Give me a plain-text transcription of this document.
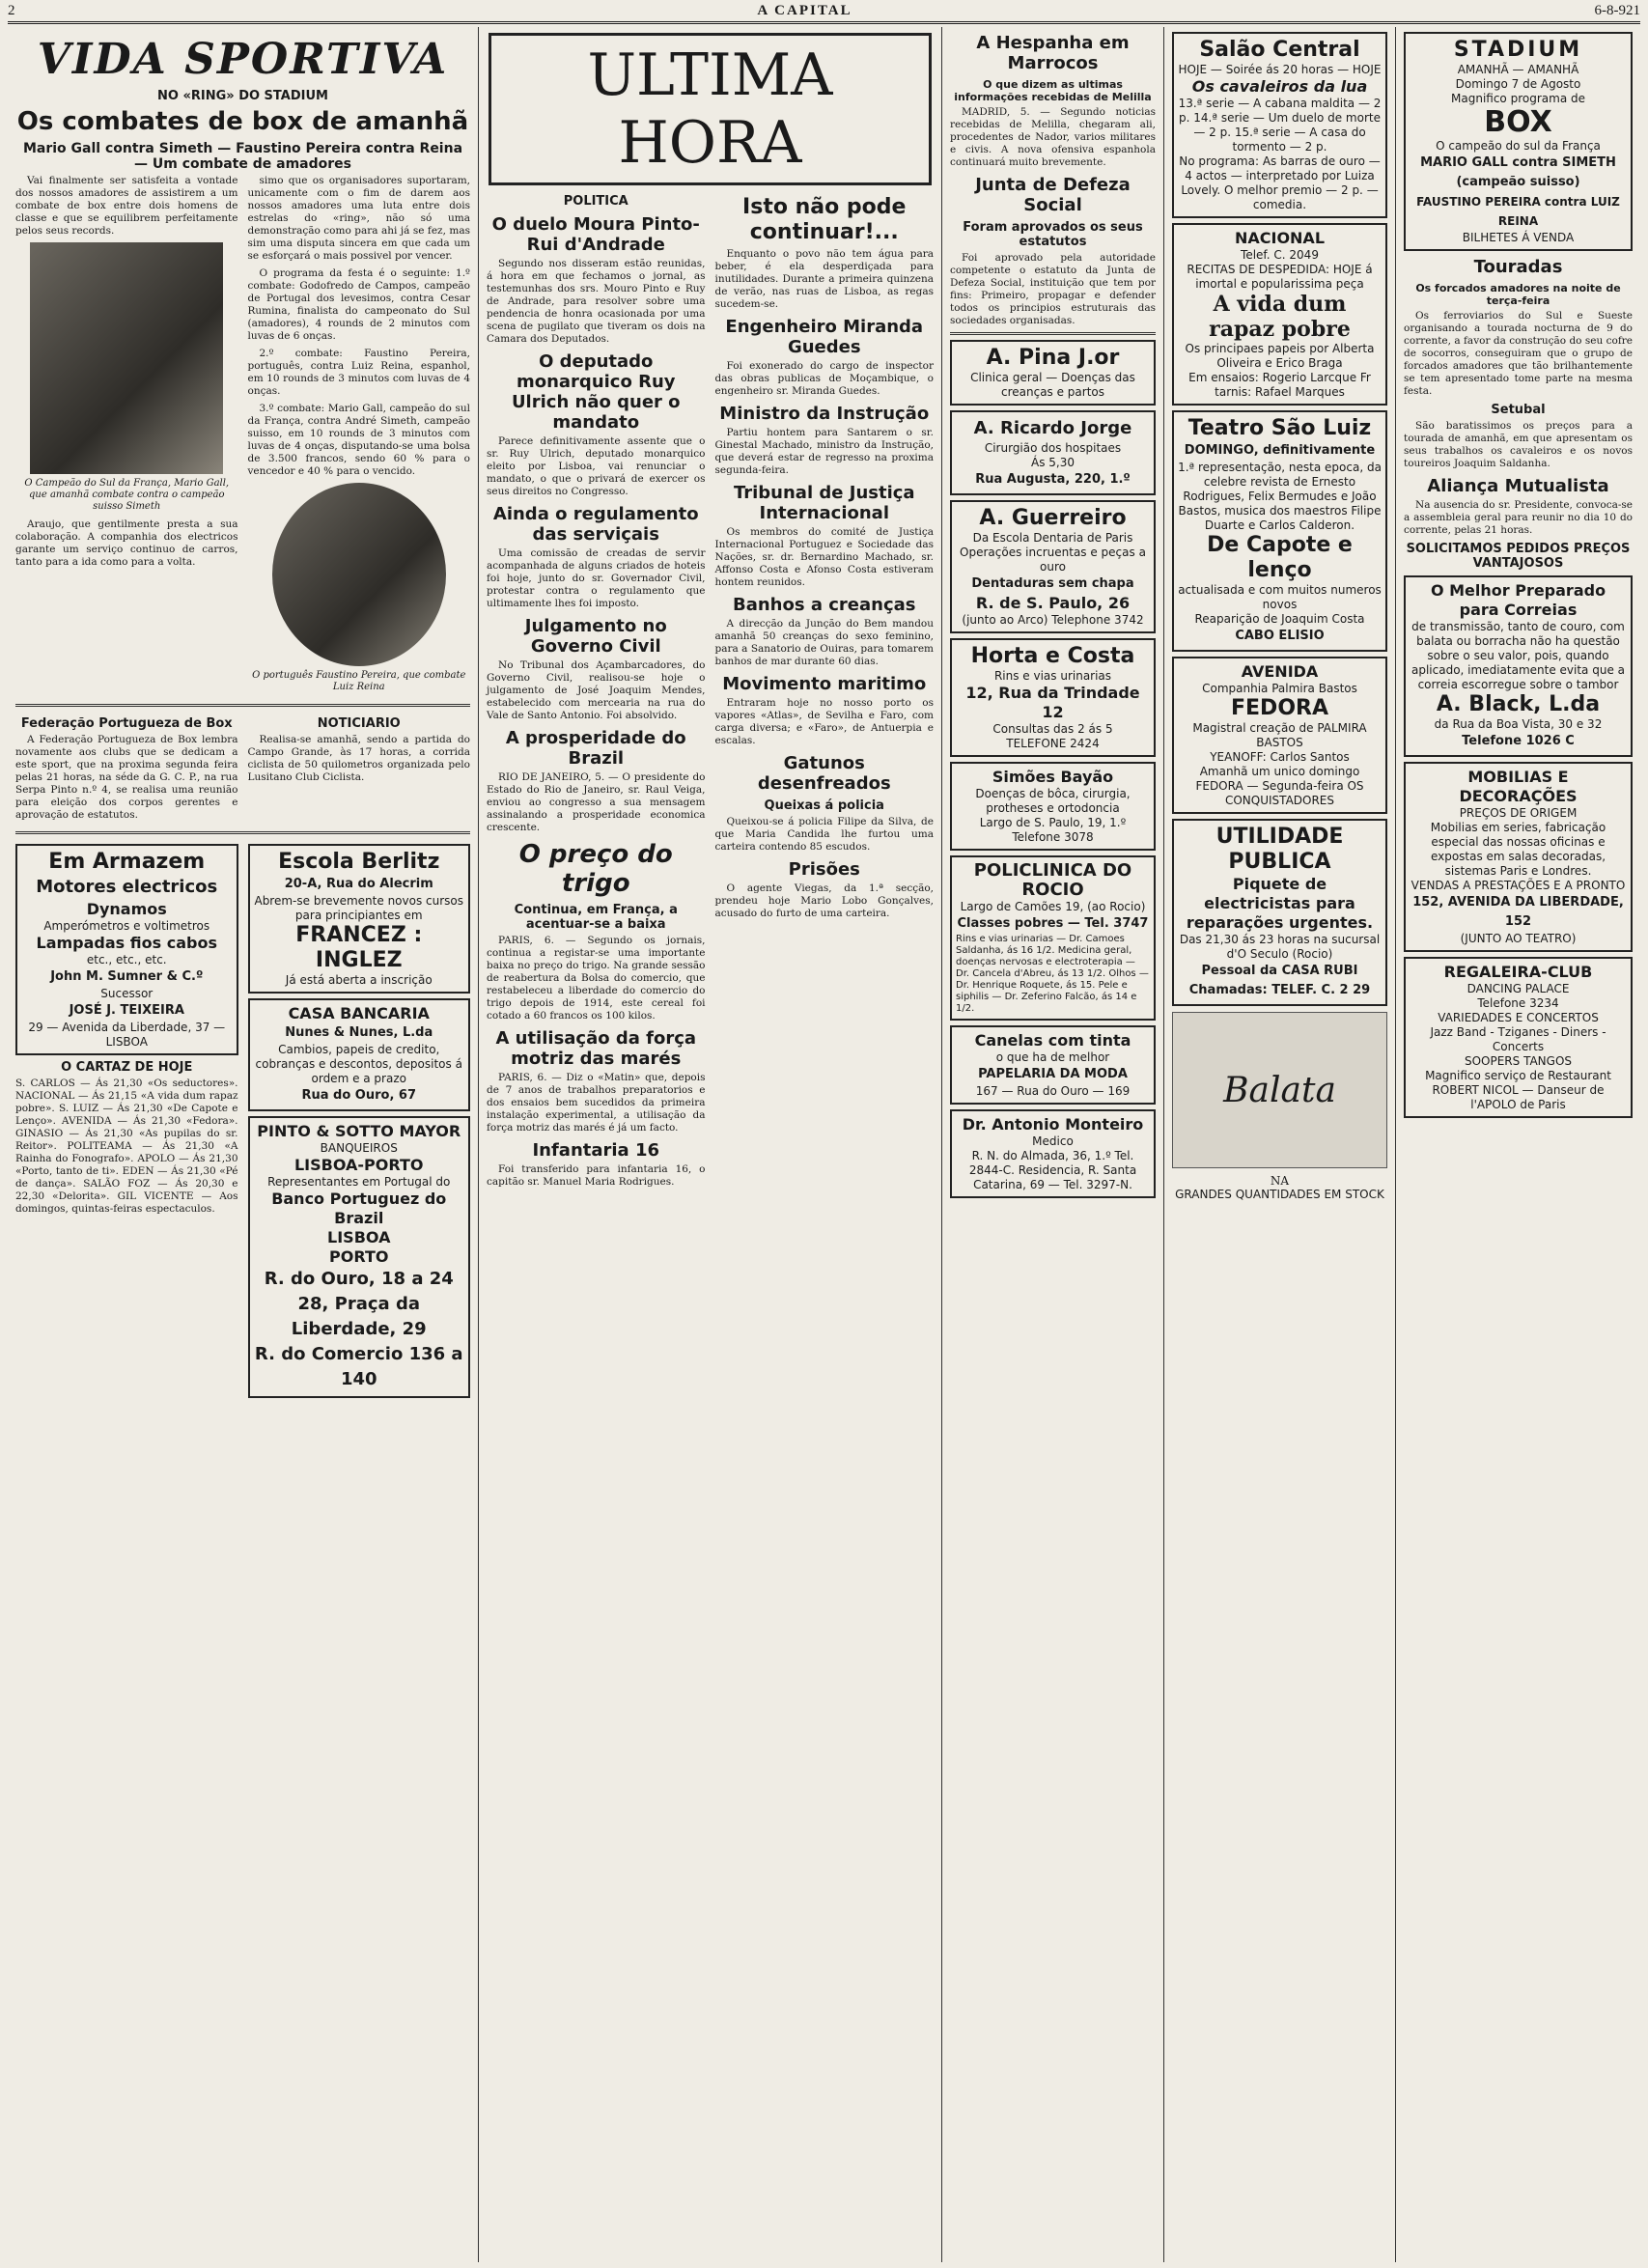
2	A CAPITAL	6-8-921
VIDA SPORTIVA
NO «RING» DO STADIUM
Os combates de box de amanhã
Mario Gall contra Simeth — Faustino Pereira contra Reina — Um combate de amadores

Vai finalmente ser satisfeita a vontade dos nossos amadores de assistirem a um combate de box entre dois homens de classe e que se equilibrem perfeitamente pelos seus records.

O Campeão do Sul da França, Mario Gall, que amanhã combate contra o campeão suisso Simeth

Araujo, que gentilmente presta a sua colaboração. A companhia dos electricos garante um serviço continuo de carros, tanto para a ida como para a volta.

simo que os organisadores suportaram, unicamente com o fim de darem aos nossos amadores uma luta entre dois estrelas do «ring», não só uma demonstração como para ahi já se fez, mas sim uma disputa sincera em que cada um se esforçará o mais possivel por vencer.

O programa da festa é o seguinte: 1.º combate: Godofredo de Campos, campeão de Portugal dos levesimos, contra Cesar Rumina, finalista do campeonato do Sul (amadores), 4 rounds de 2 minutos com luvas de 6 onças.

2.º combate: Faustino Pereira, português, contra Luiz Reina, espanhol, em 10 rounds de 3 minutos com luvas de 4 onças.

3.º combate: Mario Gall, campeão do sul da França, contra André Simeth, campeão suisso, em 10 rounds de 3 minutos com luvas de 4 onças, disputando-se uma bolsa de 3.500 francos, sendo 60 % para o vencedor e 40 % para o vencido.

O português Faustino Pereira, que combate Luiz Reina
Federação Portugueza de Box

A Federação Portugueza de Box lembra novamente aos clubs que se dedicam a este sport, que na proxima segunda feira pelas 21 horas, na séde da G. C. P., na rua Serpa Pinto n.º 4, se realisa uma reunião para eleição dos corpos gerentes e aprovação de estatutos.

NOTICIARIO

Realisa-se amanhã, sendo a partida do Campo Grande, às 17 horas, a corrida ciclista de 50 quilometros organizada pelo Lusitano Club Ciclista.

Em Armazem
Motores electricos
Dynamos
Amperómetros e voltimetros
Lampadas fios cabos
etc., etc., etc.
John M. Sumner & C.º
Sucessor
JOSÉ J. TEIXEIRA
29 — Avenida da Liberdade, 37 — LISBOA
O CARTAZ DE HOJE

S. CARLOS — Ás 21,30 «Os seductores». NACIONAL — Ás 21,15 «A vida dum rapaz pobre». S. LUIZ — Ás 21,30 «De Capote e Lenço». AVENIDA — Ás 21,30 «Fedora». GINASIO — Ás 21,30 «As pupilas do sr. Reitor». POLITEAMA — Ás 21,30 «A Rainha do Fonografo». APOLO — Ás 21,30 «Porto, tanto de ti». EDEN — Ás 21,30 «Pé de dança». SALÃO FOZ — Ás 20,30 e 22,30 «Delorita». GIL VICENTE — Aos domingos, quintas-feiras espectaculos.

Escola Berlitz
20-A, Rua do Alecrim
Abrem-se brevemente novos cursos para principiantes em
FRANCEZ : INGLEZ
Já está aberta a inscrição
CASA BANCARIA
Nunes & Nunes, L.da
Cambios, papeis de credito, cobranças e descontos, depositos á ordem e a prazo
Rua do Ouro, 67
PINTO & SOTTO MAYOR
BANQUEIROS
LISBOA-PORTO
Representantes em Portugal do
Banco Portuguez do Brazil
LISBOA
PORTO
R. do Ouro, 18 a 24
28, Praça da Liberdade, 29
R. do Comercio 136 a 140
ULTIMA HORA
POLITICA
O duelo Moura Pinto-Rui d'Andrade

Segundo nos disseram estão reunidas, á hora em que fechamos o jornal, as testemunhas dos srs. Mouro Pinto e Ruy de Andrade, para resolver sobre uma pendencia de honra ocasionada por uma scena de pugilato que tiveram os dois na Camara dos Deputados.

O deputado monarquico Ruy Ulrich não quer o mandato

Parece definitivamente assente que o sr. Ruy Ulrich, deputado monarquico eleito por Lisboa, vai renunciar o mandato, o que o privará de exercer os seus direitos no Congresso.

Ainda o regulamento das serviçais

Uma comissão de creadas de servir acompanhada de alguns criados de hoteis foi hoje, junto do sr. Governador Civil, protestar contra o regulamento que ultimamente lhes foi imposto.

Julgamento no Governo Civil

No Tribunal dos Açambarcadores, do Governo Civil, realisou-se hoje o julgamento de José Joaquim Mendes, estabelecido com mercearia na rua do Vale de Santo Antonio. Foi absolvido.

A prosperidade do Brazil

RIO DE JANEIRO, 5. — O presidente do Estado do Rio de Janeiro, sr. Raul Veiga, enviou ao congresso a sua mensagem assinalando a prosperidade economica crescente.

O preço do trigo
Continua, em França, a acentuar-se a baixa

PARIS, 6. — Segundo os jornais, continua a registar-se uma importante baixa no preço do trigo. Na grande sessão de reabertura da Bolsa do comercio, que restabeleceu a liberdade do comercio do trigo depois de 1914, este cereal foi cotado a 60 francos os 100 kilos.

A utilisação da força motriz das marés

PARIS, 6. — Diz o «Matin» que, depois de 7 anos de trabalhos preparatorios e dos ensaios bem sucedidos da primeira instalação experimental, a utilisação da força motriz das marés é já um facto.

Infantaria 16

Foi transferido para infantaria 16, o capitão sr. Manuel Maria Rodrigues.

Isto não pode continuar!...

Enquanto o povo não tem água para beber, é ela desperdiçada para inutilidades. Durante a primeira quinzena de verão, nas ruas de Lisboa, as regas sucedem-se.

Engenheiro Miranda Guedes

Foi exonerado do cargo de inspector das obras publicas de Moçambique, o engenheiro sr. Miranda Guedes.

Ministro da Instrução

Partiu hontem para Santarem o sr. Ginestal Machado, ministro da Instrução, que deverá estar de regresso na proxima segunda-feira.

Tribunal de Justiça Internacional

Os membros do comité de Justiça Internacional Portuguez e Sociedade das Nações, sr. dr. Bernardino Machado, sr. Affonso Costa e Afonso Costa estiveram hontem reunidos.

Banhos a creanças

A direcção da Junção do Bem mandou amanhã 50 creanças do sexo feminino, para a Sanatorio de Ouiras, para tomarem banhos de mar durante 60 dias.

Movimento maritimo

Entraram hoje no nosso porto os vapores «Atlas», de Sevilha e Faro, com carga diversa; e «Faro», de Antuerpia e escalas.

Gatunos desenfreados
Queixas á policia

Queixou-se á policia Filipe da Silva, de que Maria Candida lhe furtou uma carteira contendo 85 escudos.

Prisões

O agente Viegas, da 1.ª secção, prendeu hoje Mario Lobo Gonçalves, acusado do furto de uma carteira.

A Hespanha em Marrocos
O que dizem as ultimas informações recebidas de Melilla

MADRID, 5. — Segundo noticias recebidas de Melilla, chegaram ali, procedentes de Nador, varios militares e civis. A nova ofensiva espanhola continuará muito brevemente.

Junta de Defeza Social
Foram aprovados os seus estatutos

Foi aprovado pela autoridade competente o estatuto da Junta de Defeza Social, instituição que tem por fins: Primeiro, propagar e defender todos os principios estruturais das sociedades organisadas.

A. Pina J.or
Clinica geral — Doenças das creanças e partos
A. Ricardo Jorge
Cirurgião dos hospitaes
Ás 5,30
Rua Augusta, 220, 1.º
A. Guerreiro
Da Escola Dentaria de Paris
Operações incruentas e peças a ouro
Dentaduras sem chapa
R. de S. Paulo, 26
(junto ao Arco) Telephone 3742
Horta e Costa
Rins e vias urinarias
12, Rua da Trindade 12
Consultas das 2 ás 5
TELEFONE 2424
Simões Bayão
Doenças de bôca, cirurgia, protheses e ortodoncia
Largo de S. Paulo, 19, 1.º
Telefone 3078
POLICLINICA DO ROCIO
Largo de Camões 19, (ao Rocio)
Classes pobres — Tel. 3747
Rins e vias urinarias — Dr. Camoes Saldanha, ás 16 1/2. Medicina geral, doenças nervosas e electroterapia — Dr. Cancela d'Abreu, ás 13 1/2. Olhos — Dr. Henrique Roquete, ás 15. Pele e siphilis — Dr. Zeferino Falcão, ás 14 e 1/2.
Canelas com tinta
o que ha de melhor
PAPELARIA DA MODA
167 — Rua do Ouro — 169
Dr. Antonio Monteiro
Medico
R. N. do Almada, 36, 1.º Tel. 2844-C. Residencia, R. Santa Catarina, 69 — Tel. 3297-N.
Salão Central
HOJE — Soirée ás 20 horas — HOJE
Os cavaleiros da lua
13.ª serie — A cabana maldita — 2 p. 14.ª serie — Um duelo de morte — 2 p. 15.ª serie — A casa do tormento — 2 p.
No programa: As barras de ouro — 4 actos — interpretado por Luiza Lovely. O melhor premio — 2 p. — comedia.
NACIONAL
Telef. C. 2049
RECITAS DE DESPEDIDA: HOJE á imortal e popularissima peça
A vida dum rapaz pobre
Os principaes papeis por Alberta Oliveira e Erico Braga
Em ensaios: Rogerio Larcque Fr tarnis: Rafael Marques
Teatro São Luiz
DOMINGO, definitivamente
1.ª representação, nesta epoca, da celebre revista de Ernesto Rodrigues, Felix Bermudes e João Bastos, musica dos maestros Filipe Duarte e Carlos Calderon.
De Capote e lenço
actualisada e com muitos numeros novos
Reaparição de Joaquim Costa
CABO ELISIO
AVENIDA
Companhia Palmira Bastos
FEDORA
Magistral creação de PALMIRA BASTOS
YEANOFF: Carlos Santos
Amanhã um unico domingo FEDORA — Segunda-feira OS CONQUISTADORES
UTILIDADE PUBLICA
Piquete de electricistas para reparações urgentes.
Das 21,30 ás 23 horas na sucursal d'O Seculo (Rocio)
Pessoal da CASA RUBI
Chamadas: TELEF. C. 2 29
Balata
NA
GRANDES QUANTIDADES EM STOCK
STADIUM
AMANHÃ — AMANHÃ
Domingo 7 de Agosto
Magnifico programa de
BOX
O campeão do sul da França
MARIO GALL contra SIMETH (campeão suisso)
FAUSTINO PEREIRA contra LUIZ REINA
BILHETES Á VENDA
Touradas
Os forcados amadores na noite de terça-feira

Os ferroviarios do Sul e Sueste organisando a tourada nocturna de 9 do corrente, a favor da construção do seu cofre de socorros, conseguiram que o grupo de forcados amadores que tão brilhantemente se tem apresentado tome parte na mesma festa.

Setubal

São baratissimos os preços para a tourada de amanhã, em que apresentam os seus trabalhos os cavaleiros e os novos toureiros Joaquim Saldanha.

Aliança Mutualista

Na ausencia do sr. Presidente, convoca-se a assembleia geral para reunir no dia 10 do corrente, pelas 21 horas.

SOLICITAMOS PEDIDOS PREÇOS VANTAJOSOS
O Melhor Preparado para Correias
de transmissão, tanto de couro, com balata ou borracha não ha questão sobre o seu valor, pois, quando aplicado, imediatamente evita que a correia escorregue sobre o tambor
A. Black, L.da
da Rua da Boa Vista, 30 e 32
Telefone 1026 C
MOBILIAS E DECORAÇÕES
PREÇOS DE ORIGEM
Mobilias em series, fabricação especial das nossas oficinas e expostas em salas decoradas, sistemas Paris e Londres.
VENDAS A PRESTAÇÕES E A PRONTO
152, AVENIDA DA LIBERDADE, 152
(JUNTO AO TEATRO)
REGALEIRA-CLUB
DANCING PALACE
Telefone 3234
VARIEDADES E CONCERTOS
Jazz Band - Tziganes - Diners - Concerts
SOOPERS TANGOS
Magnifico serviço de Restaurant
ROBERT NICOL — Danseur de l'APOLO de Paris
